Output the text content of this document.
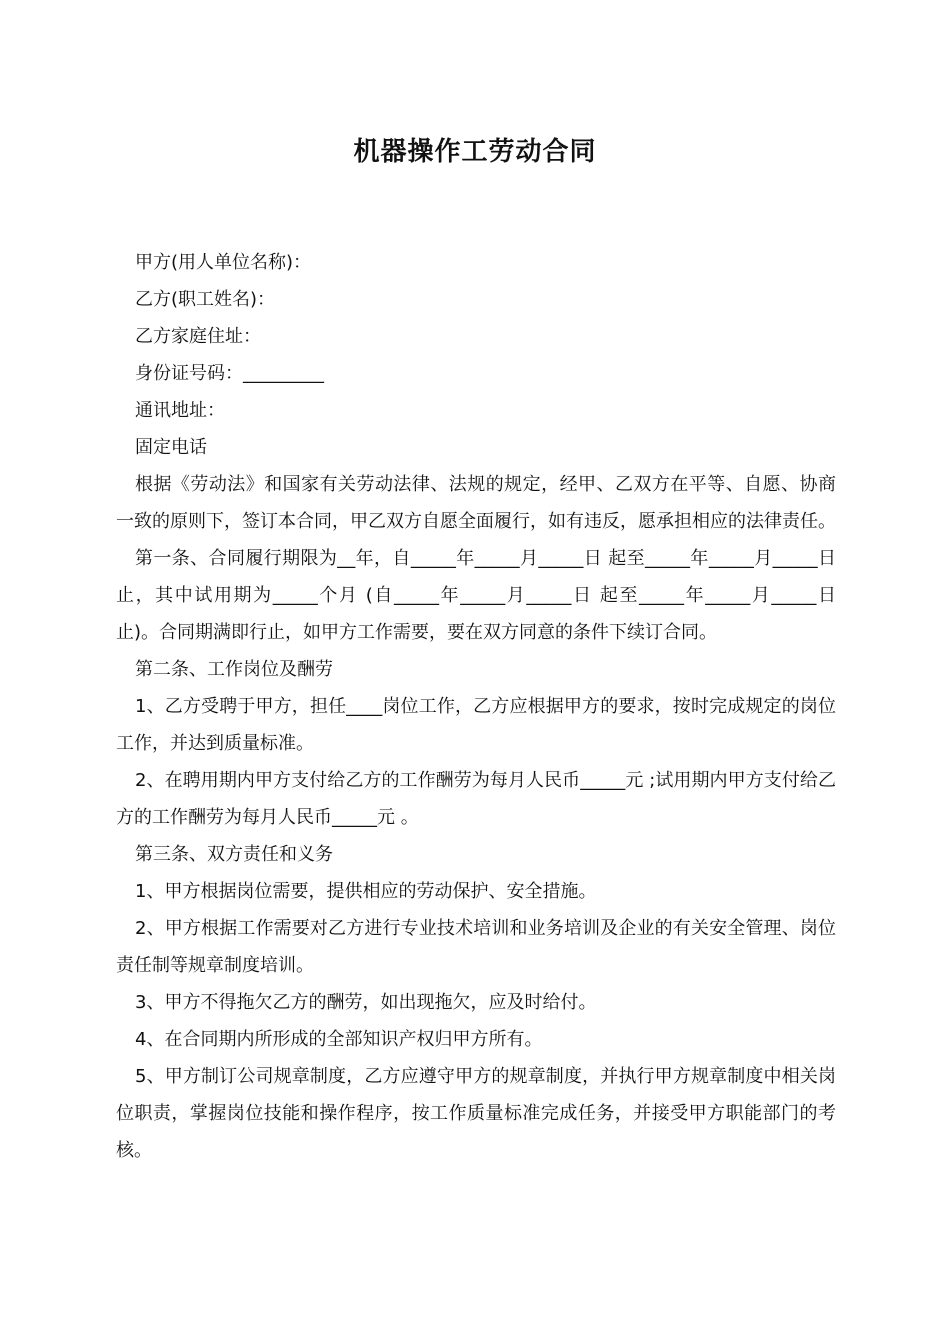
机器操作工劳动合同

甲方(用人单位名称)：

乙方(职工姓名)：

乙方家庭住址：

身份证号码：_________

通讯地址：

固定电话

根据《劳动法》和国家有关劳动法律、法规的规定，经甲、乙双方在平等、自愿、协商一致的原则下，签订本合同，甲乙双方自愿全面履行，如有违反，愿承担相应的法律责任。

第一条、合同履行期限为__年，自_____年_____月_____日 起至_____年_____月_____日 止，其中试用期为_____个月 (自_____年_____月_____日 起至_____年_____月_____日 止)。合同期满即行止，如甲方工作需要，要在双方同意的条件下续订合同。

第二条、工作岗位及酬劳

1、乙方受聘于甲方，担任____岗位工作，乙方应根据甲方的要求，按时完成规定的岗位工作，并达到质量标准。

2、在聘用期内甲方支付给乙方的工作酬劳为每月人民币_____元 ;试用期内甲方支付给乙方的工作酬劳为每月人民币_____元 。

第三条、双方责任和义务

1、甲方根据岗位需要，提供相应的劳动保护、安全措施。

2、甲方根据工作需要对乙方进行专业技术培训和业务培训及企业的有关安全管理、岗位责任制等规章制度培训。

3、甲方不得拖欠乙方的酬劳，如出现拖欠，应及时给付。

4、在合同期内所形成的全部知识产权归甲方所有。

5、甲方制订公司规章制度，乙方应遵守甲方的规章制度，并执行甲方规章制度中相关岗位职责，掌握岗位技能和操作程序，按工作质量标准完成任务，并接受甲方职能部门的考核。
